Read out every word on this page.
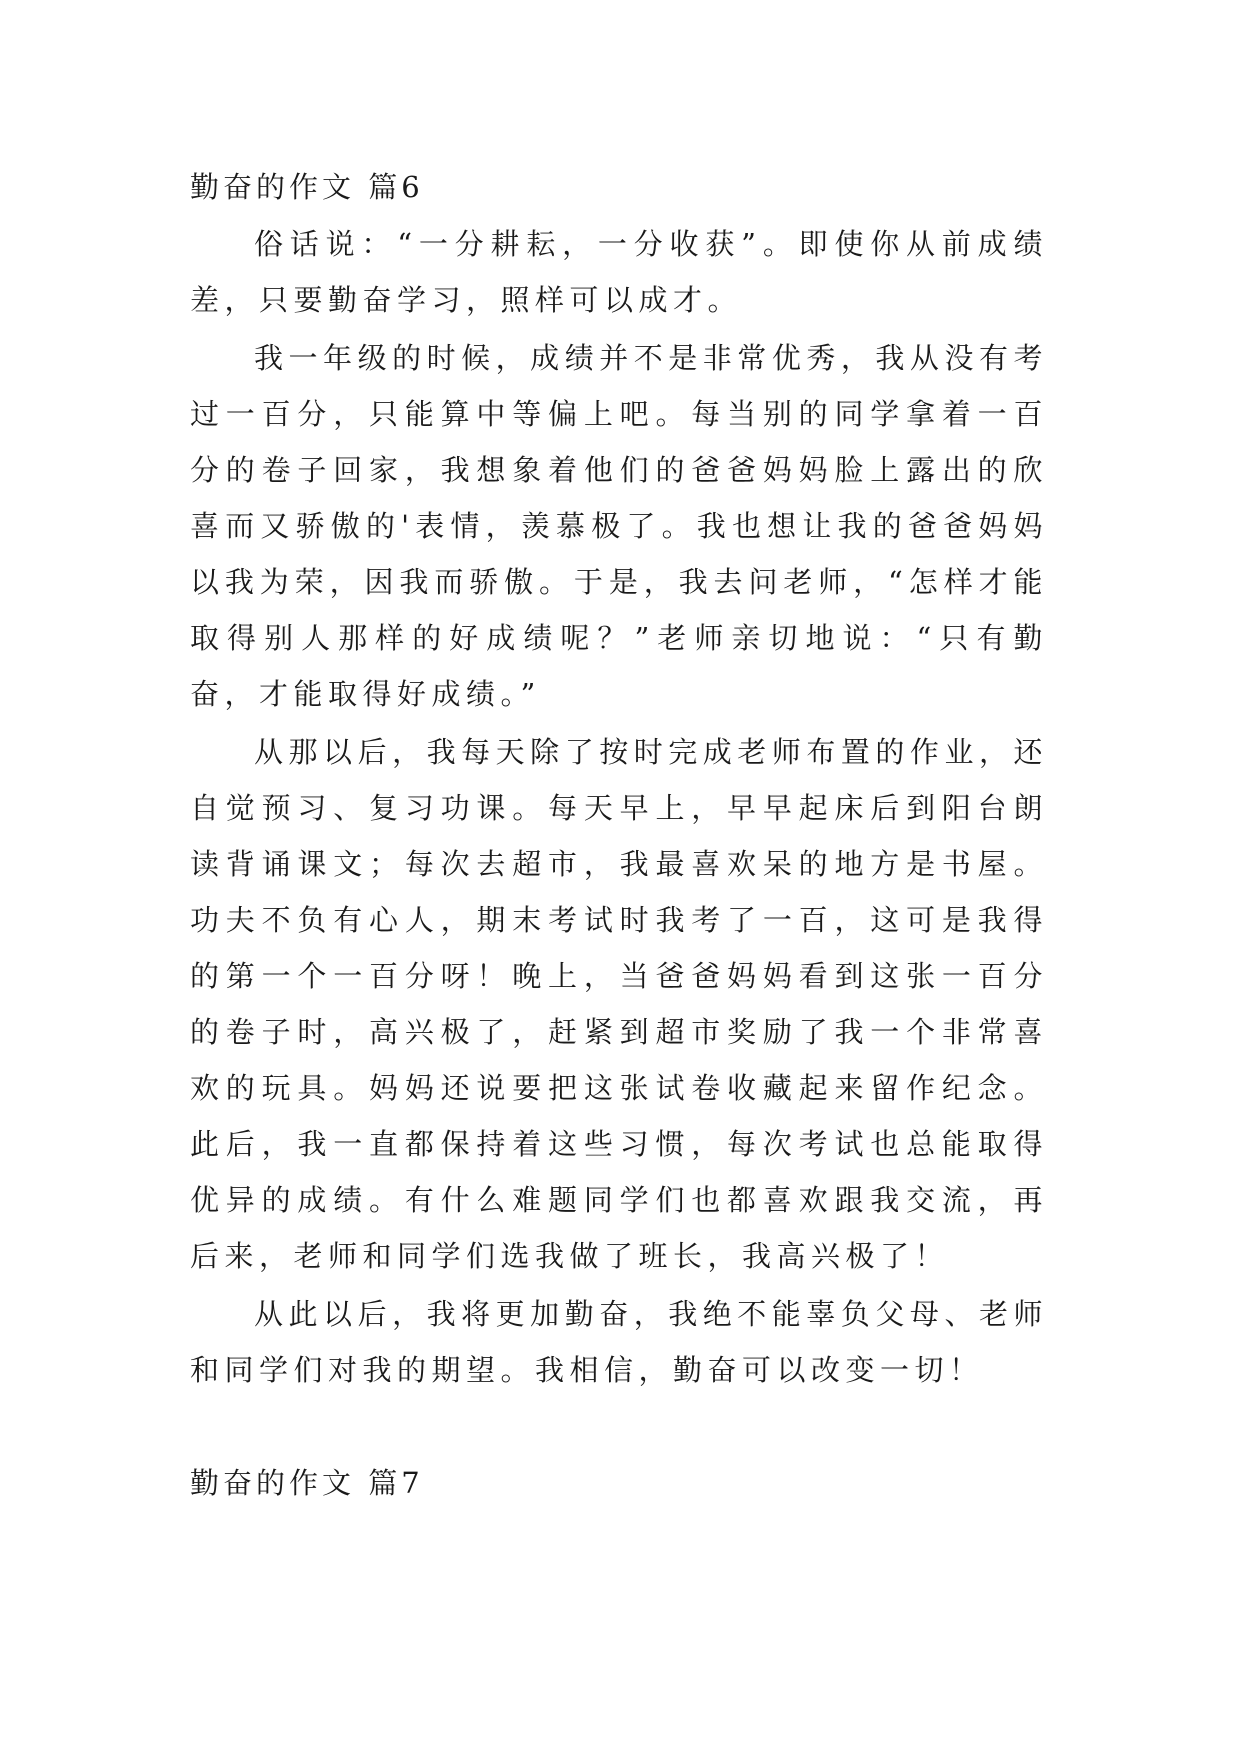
勤奋的作文 篇6

俗话说：“一分耕耘，一分收获”。即使你从前成绩差，只要勤奋学习，照样可以成才。

我一年级的时候，成绩并不是非常优秀，我从没有考过一百分，只能算中等偏上吧。每当别的同学拿着一百分的卷子回家，我想象着他们的爸爸妈妈脸上露出的欣喜而又骄傲的'表情，羡慕极了。我也想让我的爸爸妈妈以我为荣，因我而骄傲。于是，我去问老师，“怎样才能取得别人那样的好成绩呢？”老师亲切地说：“只有勤奋，才能取得好成绩。”

从那以后，我每天除了按时完成老师布置的作业，还自觉预习、复习功课。每天早上，早早起床后到阳台朗读背诵课文；每次去超市，我最喜欢呆的地方是书屋。功夫不负有心人，期末考试时我考了一百，这可是我得的第一个一百分呀！晚上，当爸爸妈妈看到这张一百分的卷子时，高兴极了，赶紧到超市奖励了我一个非常喜欢的玩具。妈妈还说要把这张试卷收藏起来留作纪念。此后，我一直都保持着这些习惯，每次考试也总能取得优异的成绩。有什么难题同学们也都喜欢跟我交流，再后来，老师和同学们选我做了班长，我高兴极了！

从此以后，我将更加勤奋，我绝不能辜负父母、老师和同学们对我的期望。我相信，勤奋可以改变一切！

勤奋的作文 篇7
